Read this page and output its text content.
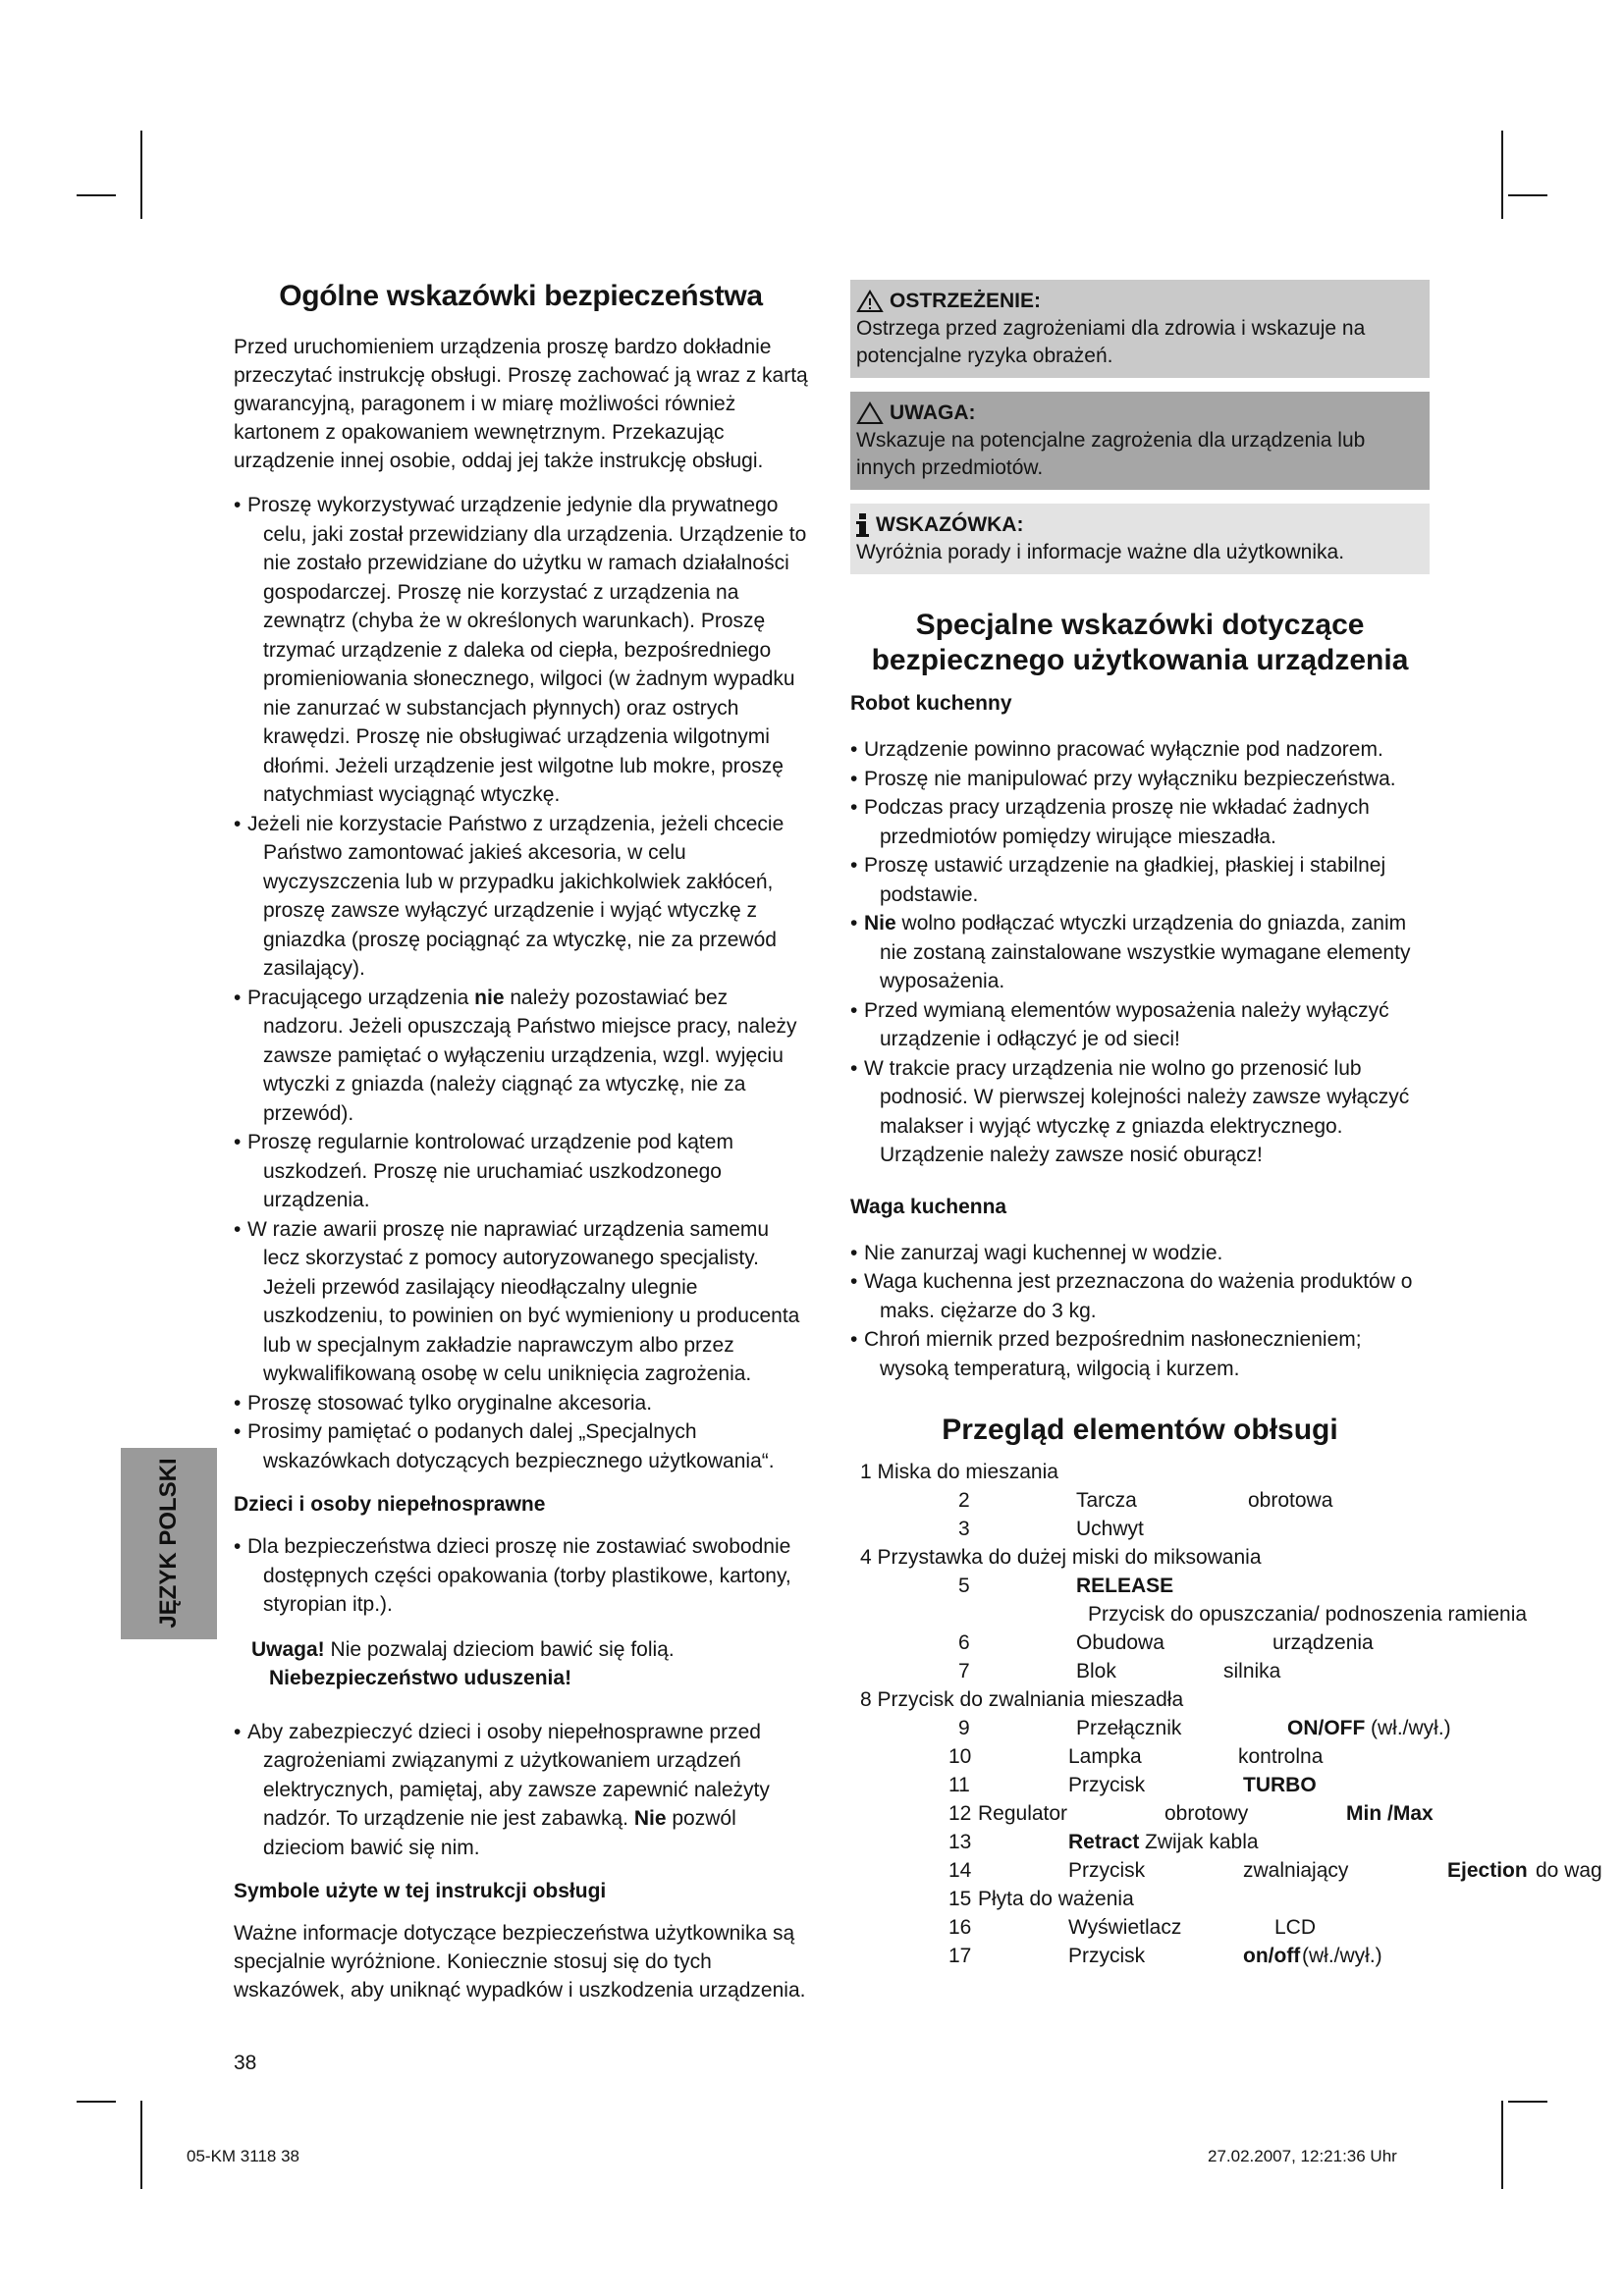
Ogólne wskazówki bezpieczeństwa

Przed uruchomieniem urządzenia proszę bardzo dokładnie przeczytać instrukcję obsługi. Proszę zachować ją wraz z kartą gwarancyjną, paragonem i w miarę możliwości również kartonem z opakowaniem wewnętrznym. Przekazując urządzenie innej osobie, oddaj jej także instrukcję obsługi.

• Proszę wykorzystywać urządzenie jedynie dla prywatnego celu, jaki został przewidziany dla urządzenia. Urządzenie to nie zostało przewidziane do użytku w ramach działalności gospodarczej. Proszę nie korzystać z urządzenia na zewnątrz (chyba że w określonych warunkach). Proszę trzymać urządzenie z daleka od ciepła, bezpośredniego promieniowania słonecznego, wilgoci (w żadnym wypadku nie zanurzać w substancjach płynnych) oraz ostrych krawędzi. Proszę nie obsługiwać urządzenia wilgotnymi dłońmi. Jeżeli urządzenie jest wilgotne lub mokre, proszę natychmiast wyciągnąć wtyczkę.
• Jeżeli nie korzystacie Państwo z urządzenia, jeżeli chcecie Państwo zamontować jakieś akcesoria, w celu wyczyszczenia lub w przypadku jakichkolwiek zakłóceń, proszę zawsze wyłączyć urządzenie i wyjąć wtyczkę z gniazdka (proszę pociągnąć za wtyczkę, nie za przewód zasilający).
• Pracującego urządzenia nie należy pozostawiać bez nadzoru. Jeżeli opuszczają Państwo miejsce pracy, należy zawsze pamiętać o wyłączeniu urządzenia, wzgl. wyjęciu wtyczki z gniazda (należy ciągnąć za wtyczkę, nie za przewód).
• Proszę regularnie kontrolować urządzenie pod kątem uszkodzeń. Proszę nie uruchamiać uszkodzonego urządzenia.
• W razie awarii proszę nie naprawiać urządzenia samemu lecz skorzystać z pomocy autoryzowanego specjalisty. Jeżeli przewód zasilający nieodłączalny ulegnie uszkodzeniu, to powinien on być wymieniony u producenta lub w specjalnym zakładzie naprawczym albo przez wykwalifikowaną osobę w celu uniknięcia zagrożenia.
• Proszę stosować tylko oryginalne akcesoria.
• Prosimy pamiętać o podanych dalej „Specjalnych wskazówkach dotyczących bezpiecznego użytkowania“.
Dzieci i osoby niepełnosprawne
• Dla bezpieczeństwa dzieci proszę nie zostawiać swobodnie dostępnych części opakowania (torby plastikowe, kartony, styropian itp.).
Uwaga! Nie pozwalaj dzieciom bawić się folią.
Niebezpieczeństwo uduszenia!
• Aby zabezpieczyć dzieci i osoby niepełnosprawne przed zagrożeniami związanymi z użytkowaniem urządzeń elektrycznych, pamiętaj, aby zawsze zapewnić należyty nadzór. To urządzenie nie jest zabawką. Nie pozwól dzieciom bawić się nim.
Symbole użyte w tej instrukcji obsługi

Ważne informacje dotyczące bezpieczeństwa użytkownika są specjalnie wyróżnione. Koniecznie stosuj się do tych wskazówek, aby uniknąć wypadków i uszkodzenia urządzenia.

OSTRZEŻENIE:
Ostrzega przed zagrożeniami dla zdrowia i wskazuje na potencjalne ryzyka obrażeń.
UWAGA:
Wskazuje na potencjalne zagrożenia dla urządzenia lub innych przedmiotów.
WSKAZÓWKA:
Wyróżnia porady i informacje ważne dla użytkownika.
Specjalne wskazówki dotyczące bezpiecznego użytkowania urządzenia
Robot kuchenny
• Urządzenie powinno pracować wyłącznie pod nadzorem.
• Proszę nie manipulować przy wyłączniku bezpieczeństwa.
• Podczas pracy urządzenia proszę nie wkładać żadnych przedmiotów pomiędzy wirujące mieszadła.
• Proszę ustawić urządzenie na gładkiej, płaskiej i stabilnej podstawie.
• Nie wolno podłączać wtyczki urządzenia do gniazda, zanim nie zostaną zainstalowane wszystkie wymagane elementy wyposażenia.
• Przed wymianą elementów wyposażenia należy wyłączyć urządzenie i odłączyć je od sieci!
• W trakcie pracy urządzenia nie wolno go przenosić lub podnosić. W pierwszej kolejności należy zawsze wyłączyć malakser i wyjąć wtyczkę z gniazda elektrycznego. Urządzenie należy zawsze nosić oburącz!
Waga kuchenna
• Nie zanurzaj wagi kuchennej w wodzie.
• Waga kuchenna jest przeznaczona do ważenia produktów o maks. ciężarze do 3 kg.
• Chroń miernik przed bezpośrednim nasłonecznieniem; wysoką temperaturą, wilgocią i kurzem.
Przegląd elementów obłsugi
1 Miska do mieszania
2	Tarcza	obrotowa
3	Uchwyt
4 Przystawka do dużej miski do miksowania
5	RELEASE
Przycisk do opuszczania/ podnoszenia ramienia
6	Obudowa	urządzenia
7	Blok	silnika
8 Przycisk do zwalniania mieszadła
9	Przełącznik	ON/OFF (wł./wył.)
10	Lampka	kontrolna
11	Przycisk	TURBO
12 Regulator	obrotowy	Min /Max
13	Retract Zwijak kabla
14	Przycisk	zwalniający	Ejection do wag
15 Płyta do ważenia
16	Wyświetlacz	LCD
17	Przycisk	on/off (wł./wył.)
JĘZYK POLSKI
38
05-KM 3118 38	27.02.2007, 12:21:36 Uhr
